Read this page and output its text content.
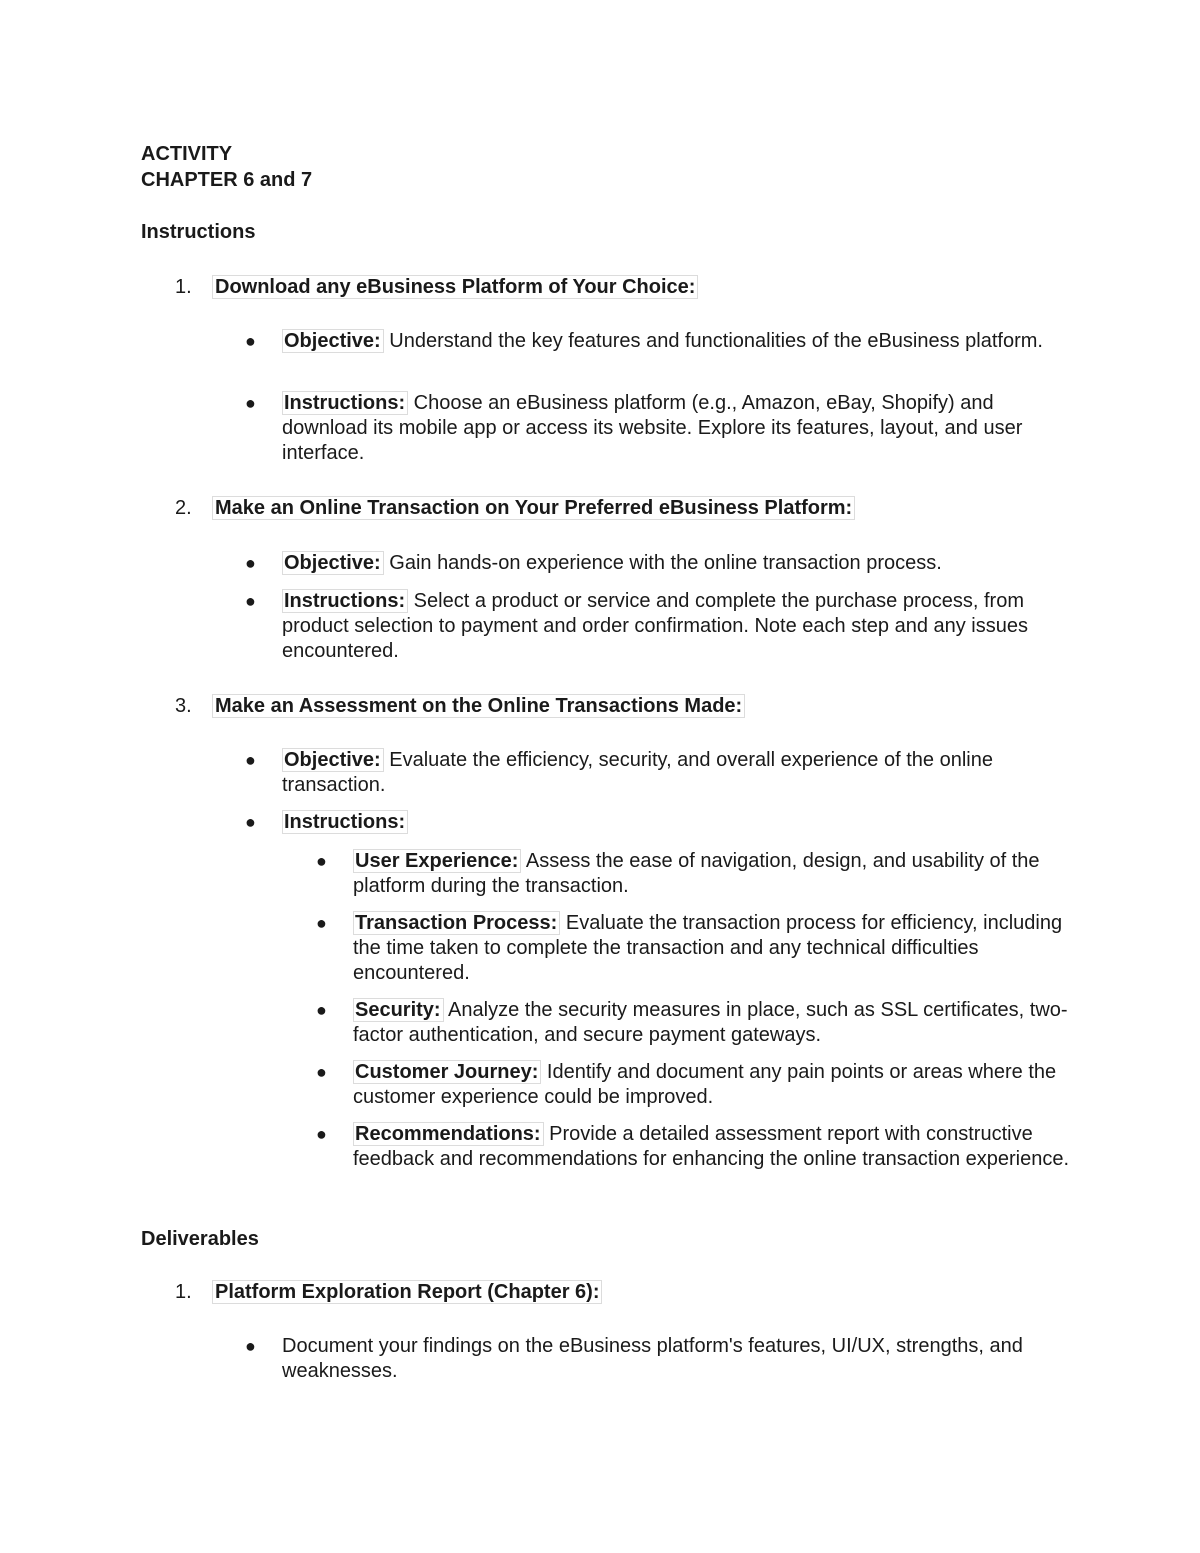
ACTIVITY
CHAPTER 6 and 7
Instructions
1. Download any eBusiness Platform of Your Choice:
● Objective: Understand the key features and functionalities of the eBusiness platform.
● Instructions: Choose an eBusiness platform (e.g., Amazon, eBay, Shopify) and download its mobile app or access its website. Explore its features, layout, and user interface.
2. Make an Online Transaction on Your Preferred eBusiness Platform:
● Objective: Gain hands-on experience with the online transaction process.
● Instructions: Select a product or service and complete the purchase process, from product selection to payment and order confirmation. Note each step and any issues encountered.
3. Make an Assessment on the Online Transactions Made:
● Objective: Evaluate the efficiency, security, and overall experience of the online transaction.
● Instructions:
● User Experience: Assess the ease of navigation, design, and usability of the platform during the transaction.
● Transaction Process: Evaluate the transaction process for efficiency, including the time taken to complete the transaction and any technical difficulties encountered.
● Security: Analyze the security measures in place, such as SSL certificates, two-factor authentication, and secure payment gateways.
● Customer Journey: Identify and document any pain points or areas where the customer experience could be improved.
● Recommendations: Provide a detailed assessment report with constructive feedback and recommendations for enhancing the online transaction experience.
Deliverables
1. Platform Exploration Report (Chapter 6):
● Document your findings on the eBusiness platform's features, UI/UX, strengths, and weaknesses.
